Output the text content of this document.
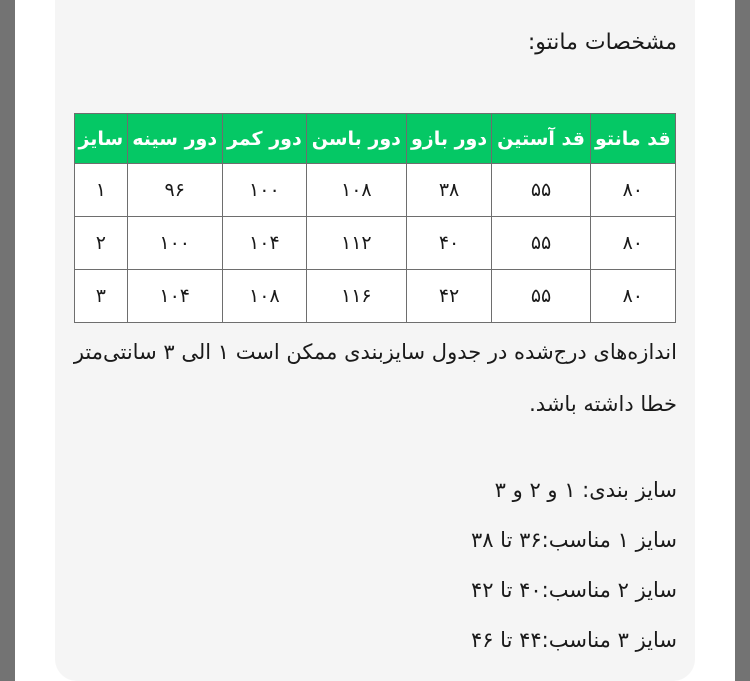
مشخصات مانتو:
قد مانتو	قد آستین	دور بازو	دور باسن	دور کمر	دور سینه	سایز
۸۰	۵۵	۳۸	۱۰۸	۱۰۰	۹۶	۱
۸۰	۵۵	۴۰	۱۱۲	۱۰۴	۱۰۰	۲
۸۰	۵۵	۴۲	۱۱۶	۱۰۸	۱۰۴	۳
اندازه‌های درج‌شده در جدول سایزبندی ممکن است ۱ الی ۳ سانتی‌متر خطا داشته باشد.
سایز بندی: ۱ و ۲ و ۳
سایز ۱ مناسب:۳۶ تا ۳۸
سایز ۲ مناسب:۴۰ تا ۴۲
سایز ۳ مناسب:۴۴ تا ۴۶
